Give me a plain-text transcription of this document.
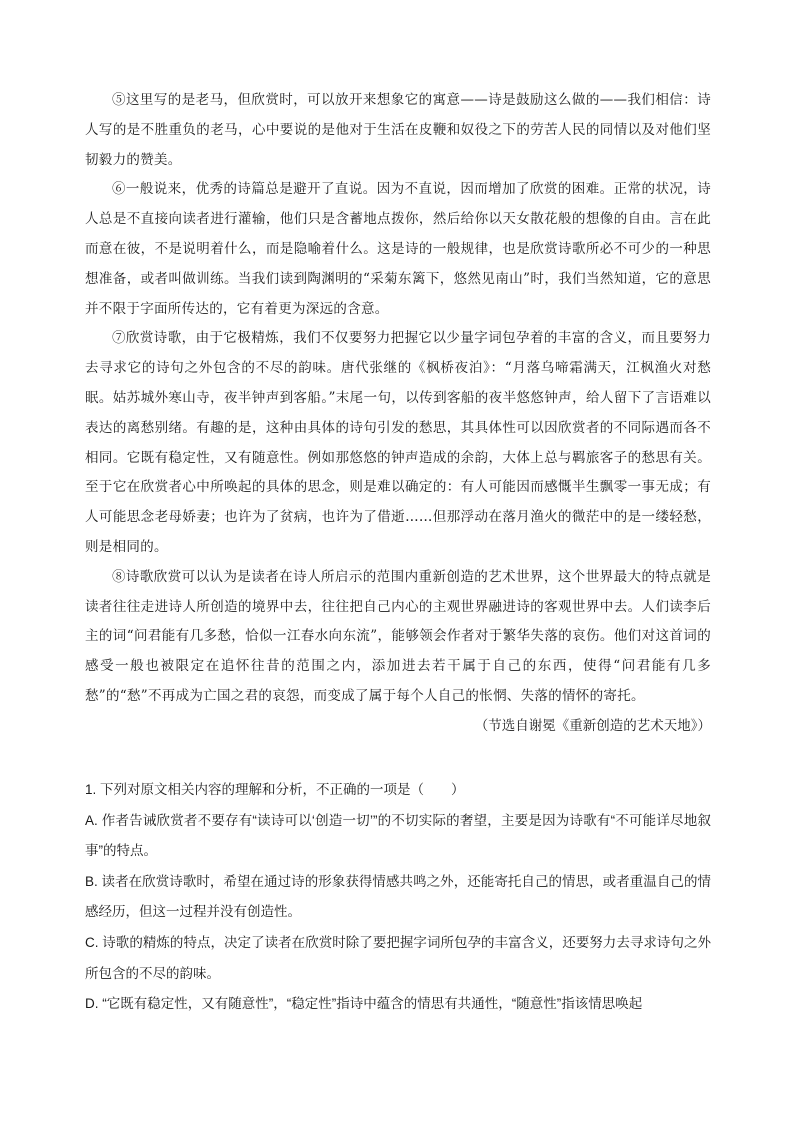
⑤这里写的是老马，但欣赏时，可以放开来想象它的寓意——诗是鼓励这么做的——我们相信：诗人写的是不胜重负的老马，心中要说的是他对于生活在皮鞭和奴役之下的劳苦人民的同情以及对他们坚韧毅力的赞美。

⑥一般说来，优秀的诗篇总是避开了直说。因为不直说，因而增加了欣赏的困难。正常的状况，诗人总是不直接向读者进行灌输，他们只是含蓄地点拨你，然后给你以天女散花般的想像的自由。言在此而意在彼，不是说明着什么，而是隐喻着什么。这是诗的一般规律，也是欣赏诗歌所必不可少的一种思想准备，或者叫做训练。当我们读到陶渊明的“采菊东篱下，悠然见南山”时，我们当然知道，它的意思并不限于字面所传达的，它有着更为深远的含意。

⑦欣赏诗歌，由于它极精炼，我们不仅要努力把握它以少量字词包孕着的丰富的含义，而且要努力去寻求它的诗句之外包含的不尽的韵味。唐代张继的《枫桥夜泊》：“月落乌啼霜满天，江枫渔火对愁眠。姑苏城外寒山寺，夜半钟声到客船。”末尾一句，以传到客船的夜半悠悠钟声，给人留下了言语难以表达的离愁别绪。有趣的是，这种由具体的诗句引发的愁思，其具体性可以因欣赏者的不同际遇而各不相同。它既有稳定性，又有随意性。例如那悠悠的钟声造成的余韵，大体上总与羁旅客子的愁思有关。至于它在欣赏者心中所唤起的具体的思念，则是难以确定的：有人可能因而感慨半生飘零一事无成；有人可能思念老母娇妻；也许为了贫病，也许为了借逝……但那浮动在落月渔火的微茫中的是一缕轻愁，则是相同的。

⑧诗歌欣赏可以认为是读者在诗人所启示的范围内重新创造的艺术世界，这个世界最大的特点就是读者往往走进诗人所创造的境界中去，往往把自己内心的主观世界融进诗的客观世界中去。人们读李后主的词“问君能有几多愁，恰似一江春水向东流”，能够领会作者对于繁华失落的哀伤。他们对这首词的感受一般也被限定在追怀往昔的范围之内，添加进去若干属于自己的东西，使得“问君能有几多愁”的“愁”不再成为亡国之君的哀怨，而变成了属于每个人自己的怅惘、失落的情怀的寄托。

（节选自谢冕《重新创造的艺术天地》）

1. 下列对原文相关内容的理解和分析，不正确的一项是（　　）

A. 作者告诫欣赏者不要存有“读诗可以‘创造一切’”的不切实际的奢望，主要是因为诗歌有“不可能详尽地叙事”的特点。

B. 读者在欣赏诗歌时，希望在通过诗的形象获得情感共鸣之外，还能寄托自己的情思，或者重温自己的情感经历，但这一过程并没有创造性。

C. 诗歌的精炼的特点，决定了读者在欣赏时除了要把握字词所包孕的丰富含义，还要努力去寻求诗句之外所包含的不尽的韵味。

D. “它既有稳定性，又有随意性”，“稳定性”指诗中蕴含的情思有共通性，“随意性”指该情思唤起
